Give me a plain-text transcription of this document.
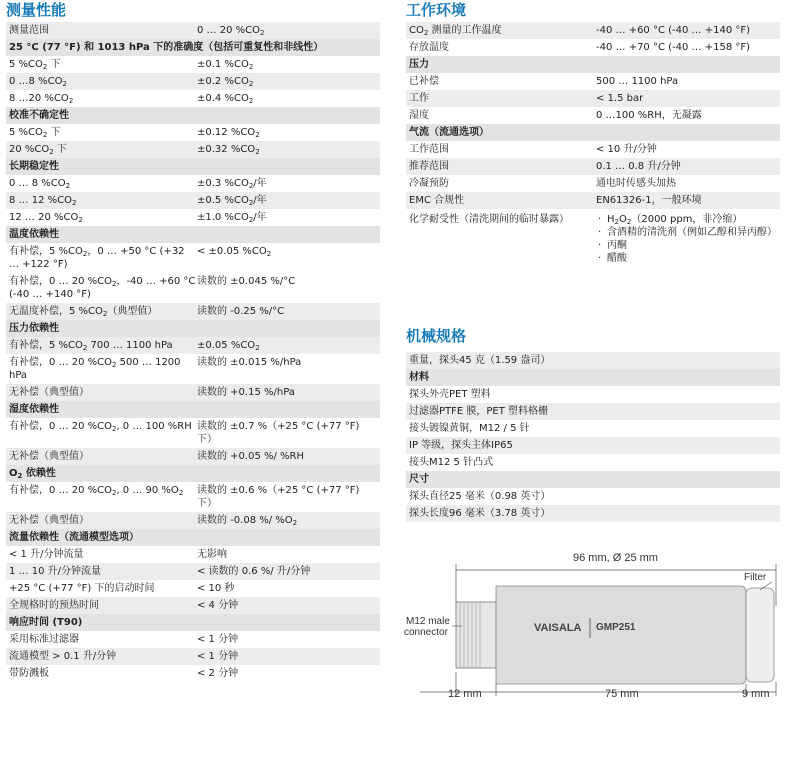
测量性能
测量范围	0 … 20 $\%CO_2$
25 °C (77 °F) 和 1013 hPa 下的准确度（包括可重复性和非线性）
5 $\%CO_2$ 下	±0.1 $\%CO_2$
0 …8 $\%CO_2$	±0.2 $\%CO_2$
8 …20 $\%CO_2$	±0.4 $\%CO_2$
校准不确定性
5 $\%CO_2$ 下	±0.12 $\%CO_2$
20 $\%CO_2$ 下	±0.32 $\%CO_2$
长期稳定性
0 … 8 $\%CO_2$	±0.3 $\%CO_2/$年
8 … 12 $\%CO_2$	±0.5 $\%CO_2/$年
12 … 20 $\%CO_2$	±1.0 $\%CO_2/$年
温度依赖性
有补偿，5 $\%CO_2$，0 … +50 °C (+32 … +122 °F)
< ±0.05 $\%CO_2$
有补偿，0 … 20 $\%CO_2$，-40 … +60 °C (-40 … +140 °F)
读数的 ±0.045 %/°C
无温度补偿，5 $\%CO_2$（典型值）	读数的 -0.25 %/°C
压力依赖性
有补偿，5 $\%CO_2$ 700 … 1100 hPa	±0.05 $\%CO_2$
有补偿，0 … 20 $\%CO_2$ 500 … 1200 hPa
读数的 ±0.015 %/hPa
无补偿（典型值）	读数的 +0.15 %/hPa
湿度依赖性
有补偿，0 … 20 $\%CO_2$, 0 … 100 %RH 读数的 ±0.7 %（+25 °C (+77 °F) 下）
无补偿（典型值）	读数的 +0.05 %/ %RH
$O_2$ 依赖性
有补偿，0 … 20 $\%CO_2$, 0 … 90 $\%O_2$	读数的 ±0.6 %（+25 °C (+77 °F) 下）
无补偿（典型值）	读数的 -0.08 %/ $\%O_2$
流量依赖性（流通模型选项）
< 1 升/分钟流量	无影响
1 … 10 升/分钟流量	< 读数的 0.6 %/ 升/分钟
+25 °C (+77 °F) 下的启动时间	< 10 秒
全规格时的预热时间	< 4 分钟
响应时间 (T90)
采用标准过滤器	< 1 分钟
流通模型 > 0.1 升/分钟	< 1 分钟
带防溅板	< 2 分钟
工作环境
$CO_2$ 测量的工作温度	-40 … +60 °C (-40 … +140 °F)
存放温度	-40 … +70 °C (-40 … +158 °F)
压力
已补偿	500 … 1100 hPa
工作	< 1.5 bar
湿度	0 …100 %RH，无凝露
气流（流通选项）
工作范围	< 10 升/分钟
推荐范围	0.1 … 0.8 升/分钟
冷凝预防	通电时传感头加热
EMC 合规性	EN61326-1，一般环境
化学耐受性（清洗期间的临时暴露）
·	$H_2O_2(2000$ ppm，非冷缩）
· 含酒精的清洗剂（例如乙醇和异丙醇）
· 丙酮
· 醋酸
机械规格
重量，探头 45 克（1.59 盎司）
材料
探头外壳 PET 塑料
过滤器 PTFE 膜，PET 塑料格栅
接头 镀镍黄铜，M12 / 5 针
IP 等级，探头主体 IP65
接头 M12 5 针凸式
尺寸
探头直径 25 毫米（0.98 英寸）
探头长度 96 毫米（3.78 英寸）
96 mm, Ø 25 mm
Filter
M12 male
connector	VAISALA GMP251
12 mm	75 mm	9 mm
